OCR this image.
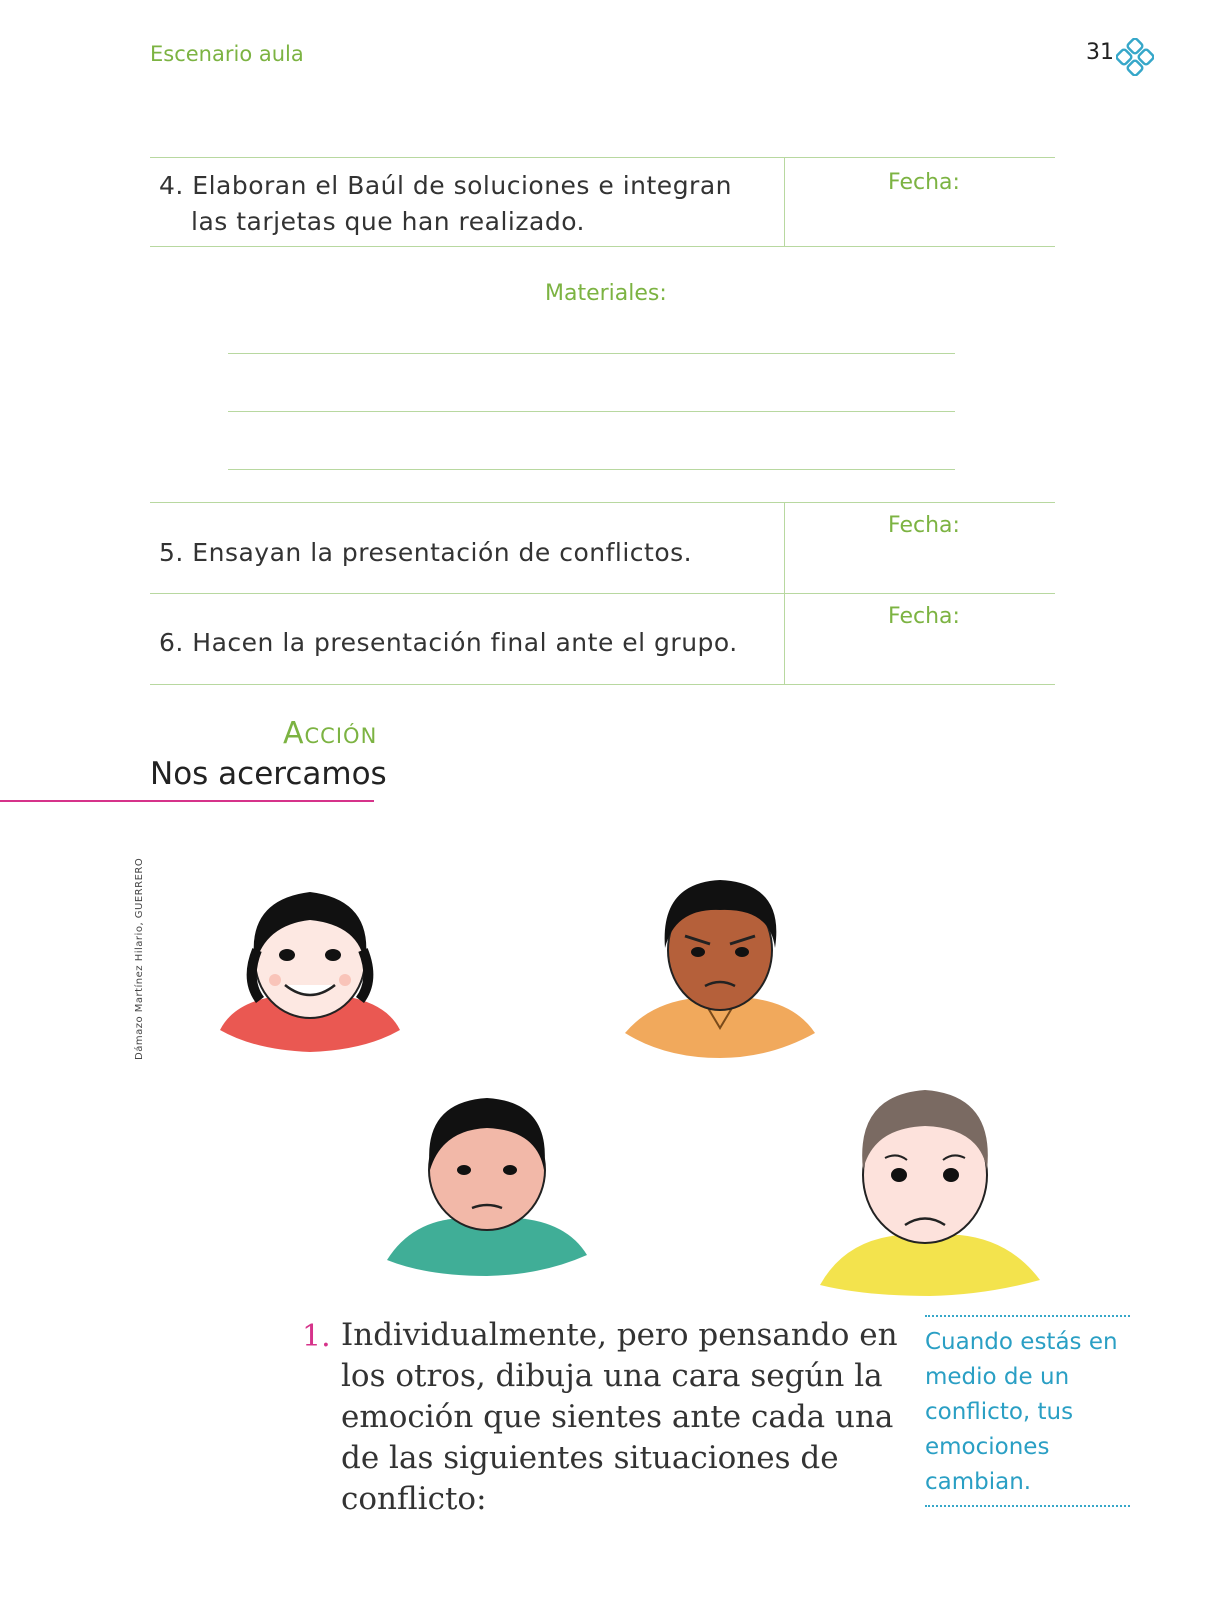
Escenario aula	31
4. Elaboran el Baúl de soluciones e integran
las tarjetas que han realizado.
Fecha:
Materiales:
5. Ensayan la presentación de conflictos.
Fecha:
6. Hacen la presentación final ante el grupo.
Fecha:
Acción
Nos acercamos
Dámazo Martínez Hilario, GUERRERO
1. Individualmente, pero pensando en los otros, dibuja una cara según la emoción que sientes ante cada una de las siguientes situaciones de conflicto:
Cuando estás en medio de un conflicto, tus emociones cambian.
